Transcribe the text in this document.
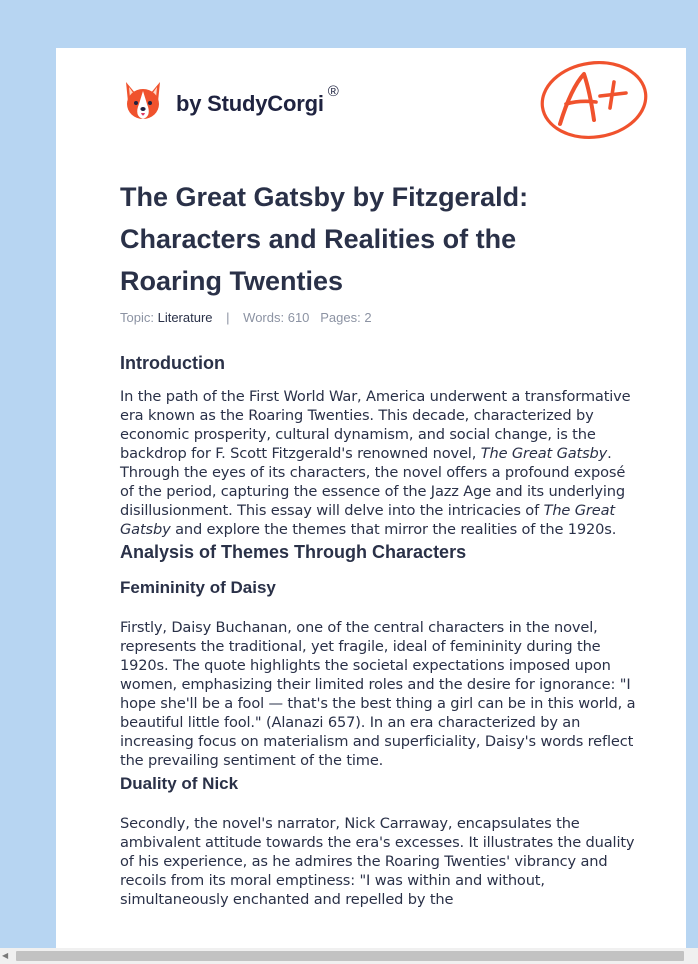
by StudyCorgi ®
The Great Gatsby by Fitzgerald: Characters and Realities of the Roaring Twenties
Topic: Literature | Words: 610 Pages: 2
Introduction

In the path of the First World War, America underwent a transformative era known as the Roaring Twenties. This decade, characterized by economic prosperity, cultural dynamism, and social change, is the backdrop for F. Scott Fitzgerald's renowned novel, The Great Gatsby. Through the eyes of its characters, the novel offers a profound exposé of the period, capturing the essence of the Jazz Age and its underlying disillusionment. This essay will delve into the intricacies of The Great Gatsby and explore the themes that mirror the realities of the 1920s.

Analysis of Themes Through Characters
Femininity of Daisy

Firstly, Daisy Buchanan, one of the central characters in the novel, represents the traditional, yet fragile, ideal of femininity during the 1920s. The quote highlights the societal expectations imposed upon women, emphasizing their limited roles and the desire for ignorance: "I hope she'll be a fool — that's the best thing a girl can be in this world, a beautiful little fool." (Alanazi 657). In an era characterized by an increasing focus on materialism and superficiality, Daisy's words reflect the prevailing sentiment of the time.

Duality of Nick

Secondly, the novel's narrator, Nick Carraway, encapsulates the ambivalent attitude towards the era's excesses. It illustrates the duality of his experience, as he admires the Roaring Twenties' vibrancy and recoils from its moral emptiness: "I was within and without, simultaneously enchanted and repelled by the

◀
